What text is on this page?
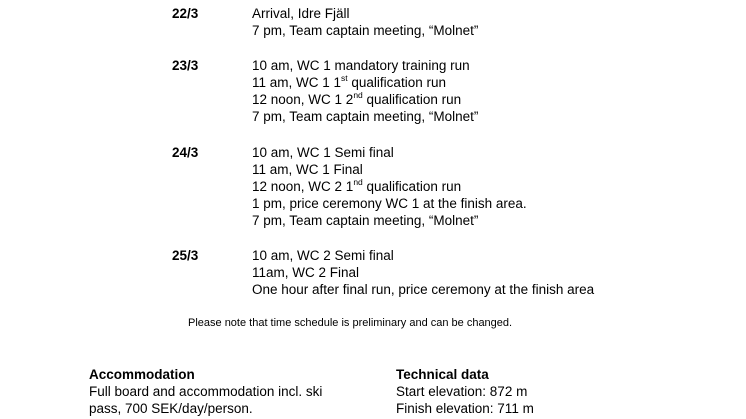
22/3	Arrival, Idre Fjäll
7 pm, Team captain meeting, “Molnet”
23/3	10 am, WC 1 mandatory training run
11 am, WC 1 1st qualification run
12 noon, WC 1 2nd qualification run
7 pm, Team captain meeting, “Molnet”
24/3	10 am, WC 1 Semi final
11 am, WC 1 Final
12 noon, WC 2 1nd qualification run
1 pm, price ceremony WC 1 at the finish area.
7 pm, Team captain meeting, “Molnet”
25/3	10 am, WC 2 Semi final
11am, WC 2 Final
One hour after final run, price ceremony at the finish area
Please note that time schedule is preliminary and can be changed.
Accommodation

Full board and accommodation incl. ski

pass, 700 SEK/day/person.

Technical data

Start elevation: 872 m

Finish elevation: 711 m
